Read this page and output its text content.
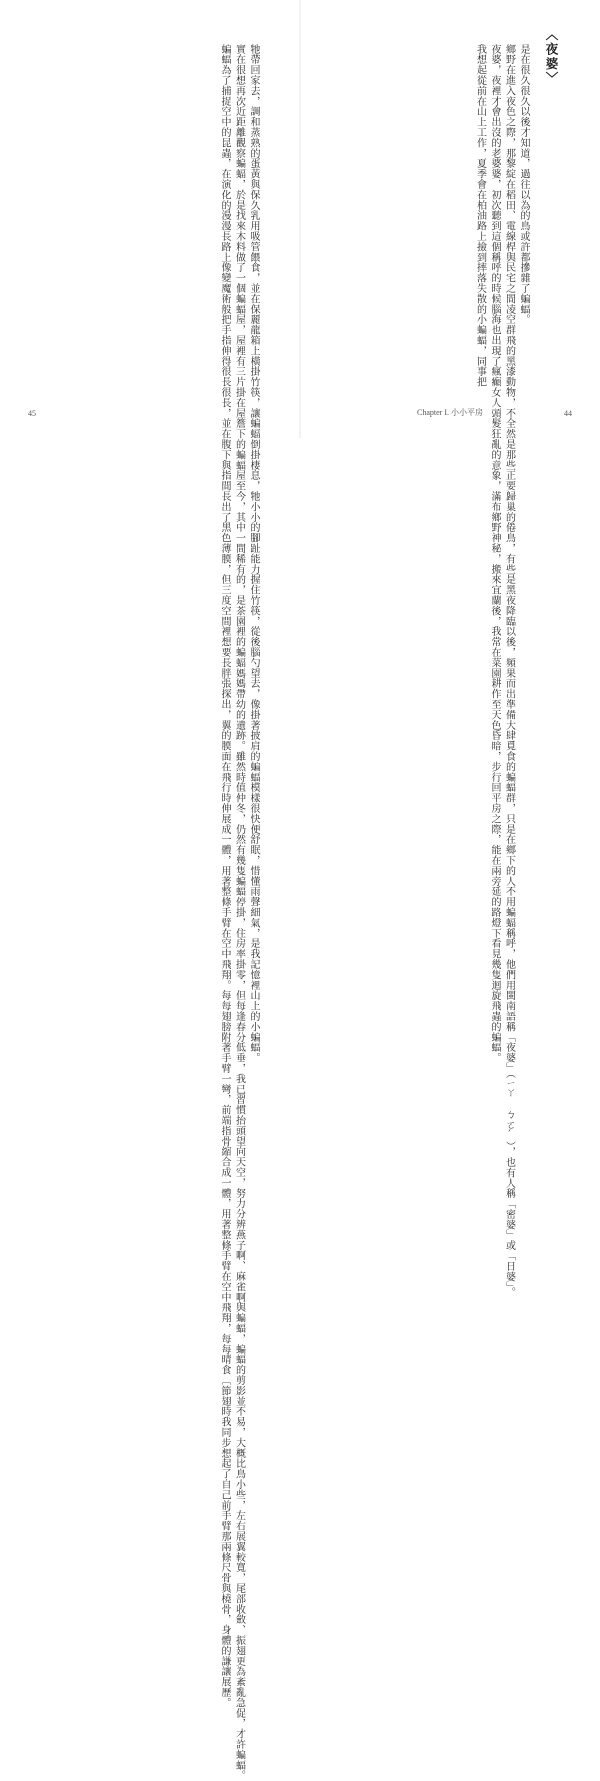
牠帶回家去，調和蒸熟的蛋黃與保久乳用吸管餵食，並在保麗龍箱上橫掛竹筷，讓蝙蝠倒掛棲息，牠小小的腳趾能力握住竹筷，從後腦勺望去，像掛著披肩的蝙蝠模樣很快便舒眠，惜懂雨聲細氣，是我記憶裡山上的小蝙蝠。

實在很想再次近距離觀察蝙蝠，於是找來木料做了一個蝙蝠屋，屋裡有三片掛在屋簷下的蝙蝠屋至今，其中一間稀有的，是茶園裡的蝙蝠媽媽帶幼的遺跡。雖然時值仲冬，仍然有幾隻蝙蝠停掛，住房率掛零，但每逢春分低垂，我已習慣抬頭望向天空，努力分辨燕子啊、麻雀啊與蝙蝠，蝙蝠的剪影並不易，大概比鳥小些，左右展翼較寬，尾部收斂、振翅更為紊亂急促，才許蝙蝠。

蝙蝠為了捕捉空中的昆蟲，在演化的漫漫長路上像變魔術般把手指伸得很長很長，並在腹下與指間長出了黑色薄膜，但三度空間裡想要長胖張探出，翼的膜面在飛行時伸展成一體，用著整條手臂在空中飛翔。每每翅膀附著手臂一彎，前端指骨縮合成一體，用著整條手臂在空中飛翔，每每晴食〔節翅時我同步想起了自己前手臂那兩條尺骨與橈骨，身體的謙讓展歷。

45
〈夜婆〉

是在很久很久以後才知道，過往以為的鳥或許都摻雜了蝙蝠。

鄉野在進入夜色之際，那黎綻在稻田、電線桿與民宅之間凌空群飛的黑漆動物，不全然是那些正要歸巢的倦鳥，有些是黑夜降臨以後，頻果而出準備大肆覓食的蝙蝠群，只是在鄉下的人不用蝙蝠稱呼，他們用閩南語稱「夜婆」（ㄧㄚ ㄅㄛˊ），也有人稱「密婆」或「日婆」。

夜婆，夜裡才會出沒的老婆婆，初次聽到這個稱呼的時候腦海也出現了瘋癲女人頭髮狂亂的意象，滿布鄉野神秘，搬來宜蘭後，我常在菜園耕作至天色昏暗，步行回平房之際，能在兩旁延的路燈下看見幾隻迴旋飛蟲的蝙蝠。

我想起從前在山上工作，夏季會在柏油路上撿到摔落失散的小蝙蝠，同事把

Chapter I. 小小平房	44
